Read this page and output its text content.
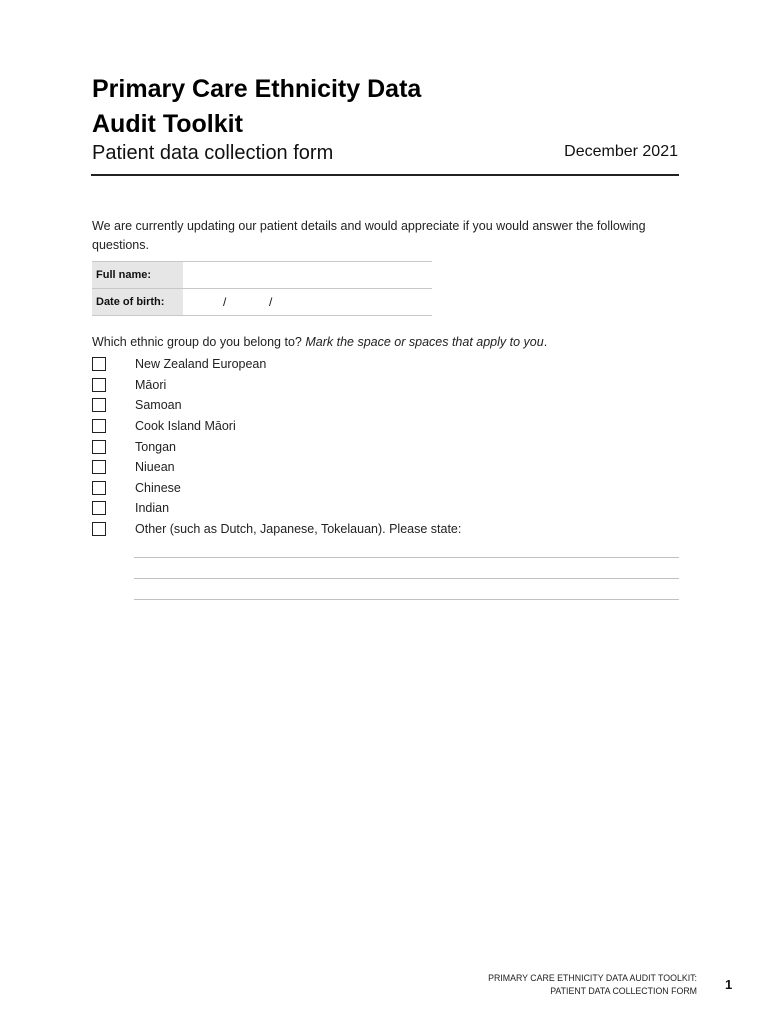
Primary Care Ethnicity Data
Audit Toolkit
Patient data collection form	December 2021
We are currently updating our patient details and would appreciate if you would answer the following questions.
Full name:
Date of birth:	/	/
Which ethnic group do you belong to? Mark the space or spaces that apply to you.
New Zealand European
Māori
Samoan
Cook Island Māori
Tongan
Niuean
Chinese
Indian
Other (such as Dutch, Japanese, Tokelauan). Please state:
PRIMARY CARE ETHNICITY DATA AUDIT TOOLKIT:
PATIENT DATA COLLECTION FORM 1
